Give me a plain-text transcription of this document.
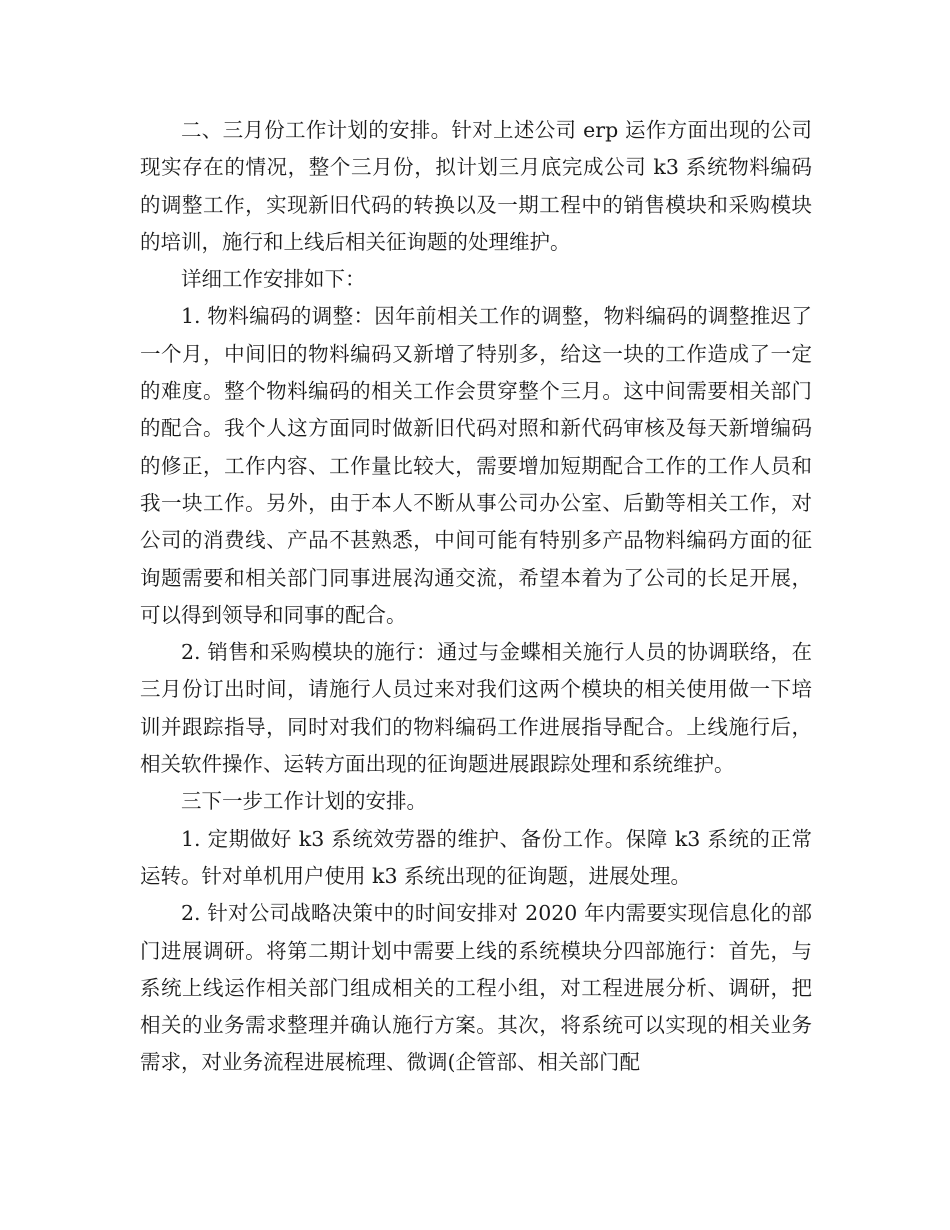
二、三月份工作计划的安排。针对上述公司 erp 运作方面出现的公司现实存在的情况，整个三月份，拟计划三月底完成公司 k3 系统物料编码的调整工作，实现新旧代码的转换以及一期工程中的销售模块和采购模块的培训，施行和上线后相关征询题的处理维护。

详细工作安排如下：

1. 物料编码的调整：因年前相关工作的调整，物料编码的调整推迟了一个月，中间旧的物料编码又新增了特别多，给这一块的工作造成了一定的难度。整个物料编码的相关工作会贯穿整个三月。这中间需要相关部门的配合。我个人这方面同时做新旧代码对照和新代码审核及每天新增编码的修正，工作内容、工作量比较大，需要增加短期配合工作的工作人员和我一块工作。另外，由于本人不断从事公司办公室、后勤等相关工作，对公司的消费线、产品不甚熟悉，中间可能有特别多产品物料编码方面的征询题需要和相关部门同事进展沟通交流，希望本着为了公司的长足开展，可以得到领导和同事的配合。

2. 销售和采购模块的施行：通过与金蝶相关施行人员的协调联络，在三月份订出时间，请施行人员过来对我们这两个模块的相关使用做一下培训并跟踪指导，同时对我们的物料编码工作进展指导配合。上线施行后，相关软件操作、运转方面出现的征询题进展跟踪处理和系统维护。

三下一步工作计划的安排。

1. 定期做好 k3 系统效劳器的维护、备份工作。保障 k3 系统的正常运转。针对单机用户使用 k3 系统出现的征询题，进展处理。

2. 针对公司战略决策中的时间安排对 2020 年内需要实现信息化的部门进展调研。将第二期计划中需要上线的系统模块分四部施行：首先，与系统上线运作相关部门组成相关的工程小组，对工程进展分析、调研，把相关的业务需求整理并确认施行方案。其次，将系统可以实现的相关业务需求，对业务流程进展梳理、微调(企管部、相关部门配
